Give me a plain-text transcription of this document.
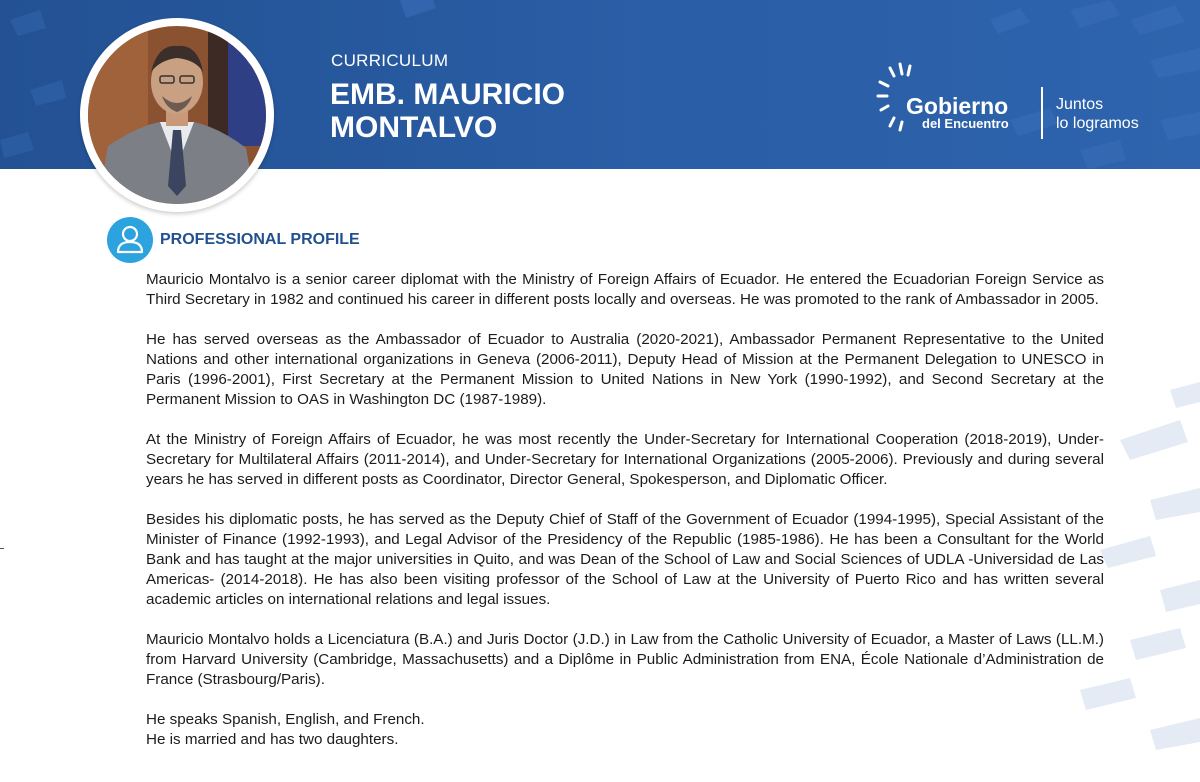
CURRICULUM
EMB. MAURICIO
MONTALVO
Gobierno
del Encuentro
Juntos
lo logramos
PROFESSIONAL PROFILE

Mauricio Montalvo is a senior career diplomat with the Ministry of Foreign Affairs of Ecuador. He entered the Ecuadorian Foreign Service as Third Secretary in 1982 and continued his career in different posts locally and overseas. He was promoted to the rank of Ambassador in 2005.

He has served overseas as the Ambassador of Ecuador to Australia (2020-2021), Ambassador Permanent Representative to the United Nations and other international organizations in Geneva (2006-2011), Deputy Head of Mission at the Permanent Delegation to UNESCO in Paris (1996-2001), First Secretary at the Permanent Mission to United Nations in New York (1990-1992), and Second Secretary at the Permanent Mission to OAS in Washington DC (1987-1989).

At the Ministry of Foreign Affairs of Ecuador, he was most recently the Under-Secretary for International Cooperation (2018-2019), Under-Secretary for Multilateral Affairs (2011-2014), and Under-Secretary for International Organizations (2005-2006). Previously and during several years he has served in different posts as Coordinator, Director General, Spokesperson, and Diplomatic Officer.

Besides his diplomatic posts, he has served as the Deputy Chief of Staff of the Government of Ecuador (1994-1995), Special Assistant of the Minister of Finance (1992-1993), and Legal Advisor of the Presidency of the Republic (1985-1986). He has been a Consultant for the World Bank and has taught at the major universities in Quito, and was Dean of the School of Law and Social Sciences of UDLA -Universidad de Las Americas- (2014-2018). He has also been visiting professor of the School of Law at the University of Puerto Rico and has written several academic articles on international relations and legal issues.

Mauricio Montalvo holds a Licenciatura (B.A.) and Juris Doctor (J.D.) in Law from the Catholic University of Ecuador, a Master of Laws (LL.M.) from Harvard University (Cambridge, Massachusetts) and a Diplôme in Public Administration from ENA, École Nationale d’Administration de France (Strasbourg/Paris).

He speaks Spanish, English, and French.
He is married and has two daughters.
